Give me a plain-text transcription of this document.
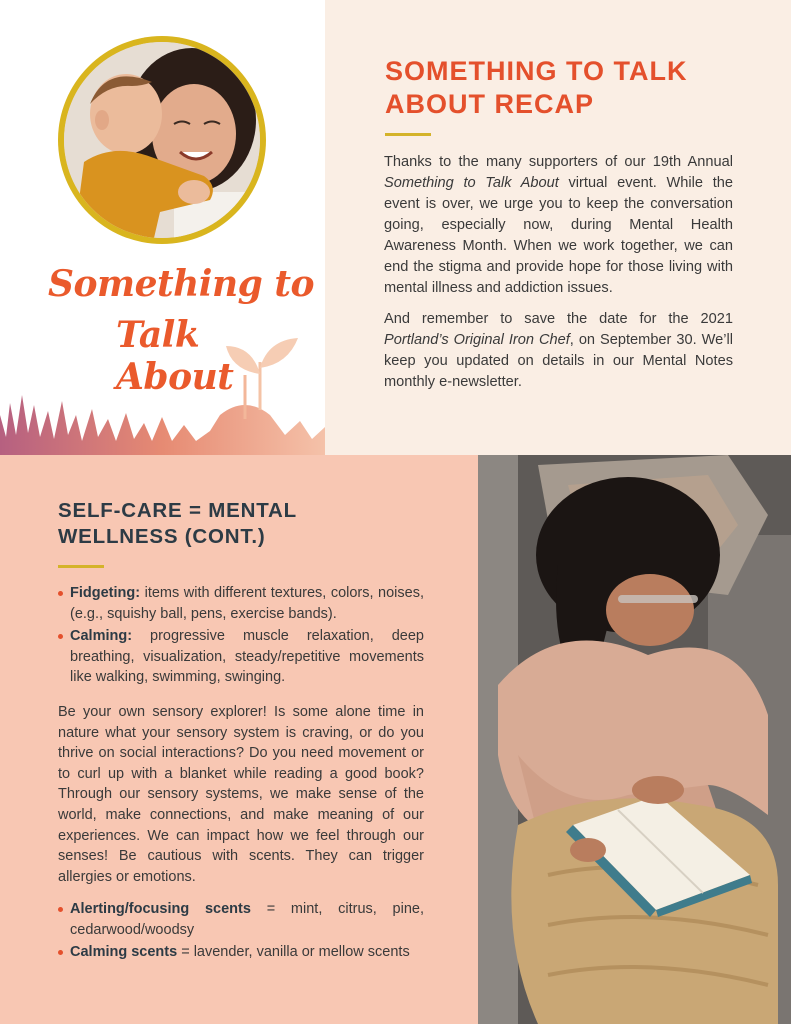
Something to
Talk About
SOMETHING TO TALK
ABOUT RECAP

Thanks to the many supporters of our 19th Annual Something to Talk About virtual event. While the event is over, we urge you to keep the conversation going, especially now, during Mental Health Awareness Month. When we work together, we can end the stigma and provide hope for those living with mental illness and addiction issues.

And remember to save the date for the 2021 Portland’s Original Iron Chef, on September 30. We’ll keep you updated on details in our Mental Notes monthly e-newsletter.

SELF-CARE = MENTAL
WELLNESS (CONT.)
Fidgeting: items with different textures, colors, noises, (e.g., squishy ball, pens, exercise bands).
Calming: progressive muscle relaxation, deep breathing, visualization, steady/repetitive movements like walking, swimming, swinging.

Be your own sensory explorer! Is some alone time in nature what your sensory system is craving, or do you thrive on social interactions? Do you need movement or to curl up with a blanket while reading a good book? Through our sensory systems, we make sense of the world, make connections, and make meaning of our experiences. We can impact how we feel through our senses! Be cautious with scents. They can trigger allergies or emotions.

Alerting/focusing scents = mint, citrus, pine, cedarwood/woodsy
Calming scents = lavender, vanilla or mellow scents
